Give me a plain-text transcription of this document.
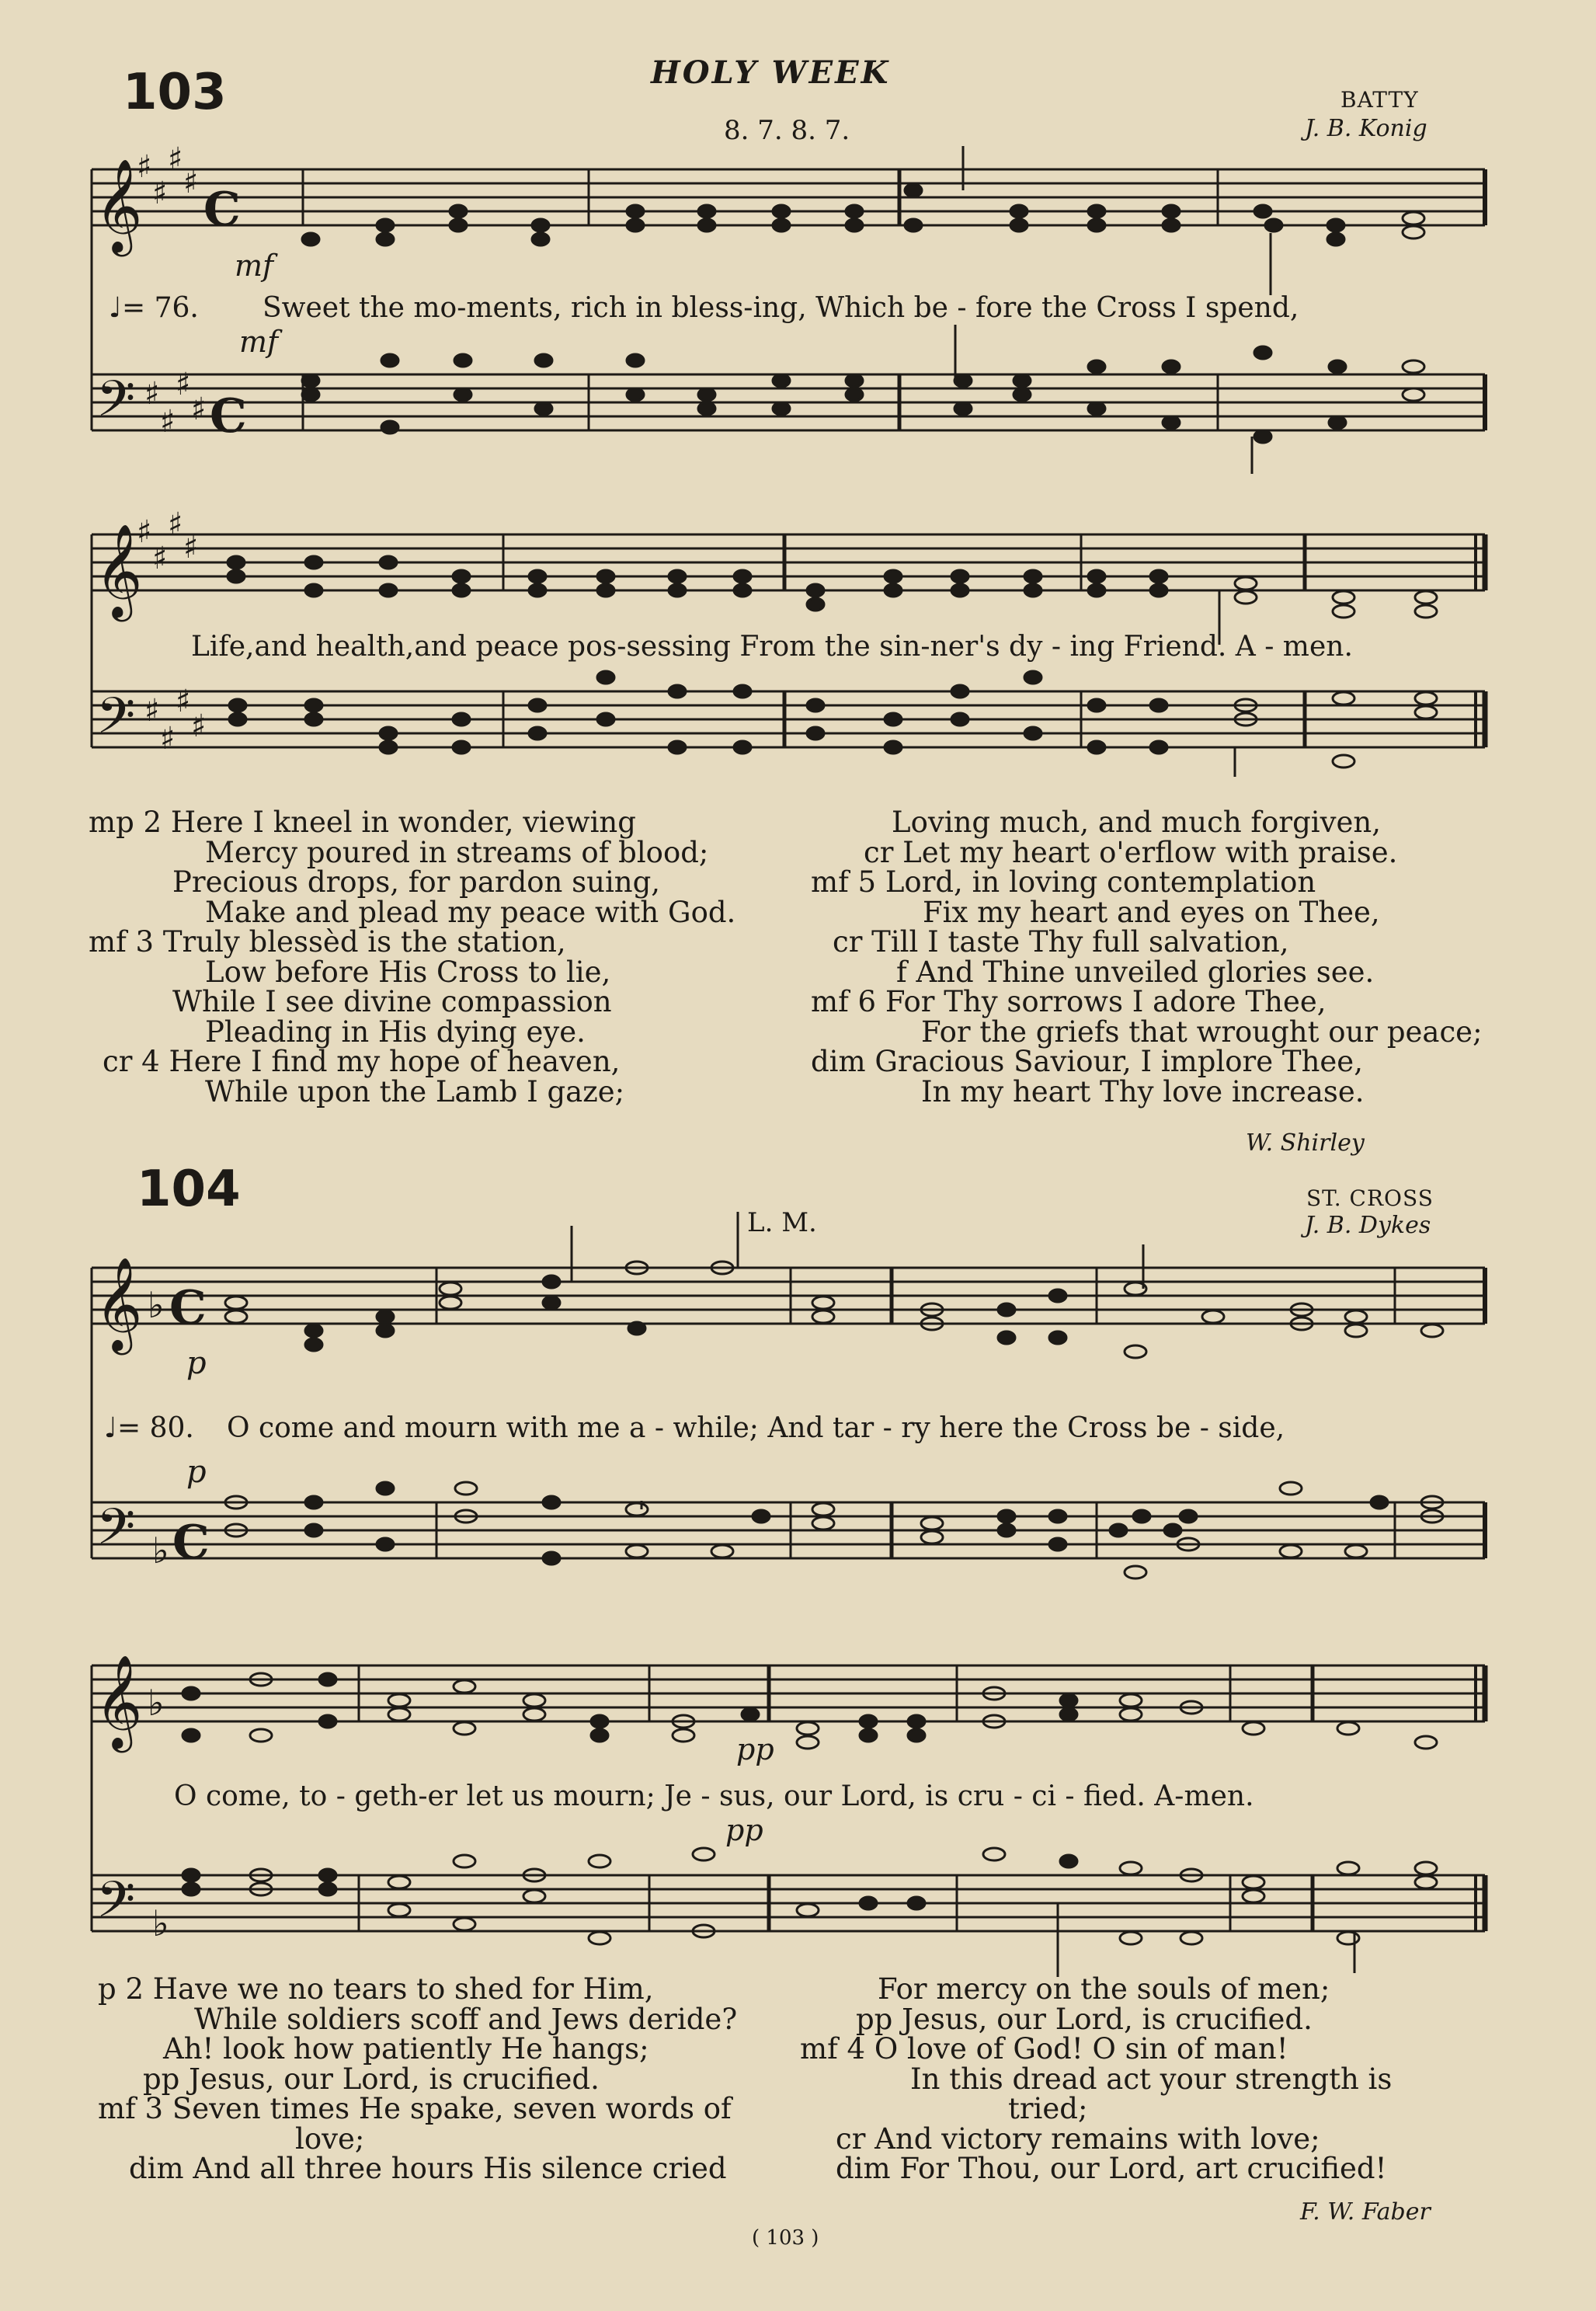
103	HOLY WEEK
8. 7. 8. 7.
BATTY
J. B. Konig
𝄞
♯
♯
♯
♯ C
𝄢 ♯
♯
♯
♯ C
𝄞
♯
♯
♯
♯
𝄢 ♯
♯
♯
♯
𝄞 ♭ C
𝄢 ♭ C
𝄞 ♭
𝄢 ♭
mf
♩= 76. Sweet the mo-ments, rich in bless-ing, Which be - fore the Cross I spend,
mf
Life,and health,and peace pos-sessing From the sin-ner's dy - ing Friend. A - men.
mp 2 Here I kneel in wonder, viewing
Mercy poured in streams of blood;
Precious drops, for pardon suing,
Make and plead my peace with God.
mf 3 Truly blessèd is the station,
Low before His Cross to lie,
While I see divine compassion
Pleading in His dying eye.
cr 4 Here I find my hope of heaven,
While upon the Lamb I gaze;
Loving much, and much forgiven,
cr Let my heart o'erflow with praise.
mf 5 Lord, in loving contemplation
Fix my heart and eyes on Thee,
cr Till I taste Thy full salvation,
f And Thine unveiled glories see.
mf 6 For Thy sorrows I adore Thee,
For the griefs that wrought our peace;
dim Gracious Saviour, I implore Thee,
In my heart Thy love increase.
W. Shirley
104
L. M.
ST. CROSS
J. B. Dykes
p
♩= 80. O come and mourn with me a - while; And tar - ry here the Cross be - side,
p
pp
O come, to - geth-er let us mourn; Je - sus, our Lord, is cru - ci - fied. A-men.
pp
p 2 Have we no tears to shed for Him,
While soldiers scoff and Jews deride?
Ah! look how patiently He hangs;
pp Jesus, our Lord, is crucified.
mf 3 Seven times He spake, seven words of
love;
dim And all three hours His silence cried
For mercy on the souls of men;
pp Jesus, our Lord, is crucified.
mf 4 O love of God! O sin of man!
In this dread act your strength is
tried;
cr And victory remains with love;
dim For Thou, our Lord, art crucified!
F. W. Faber
( 103 )
